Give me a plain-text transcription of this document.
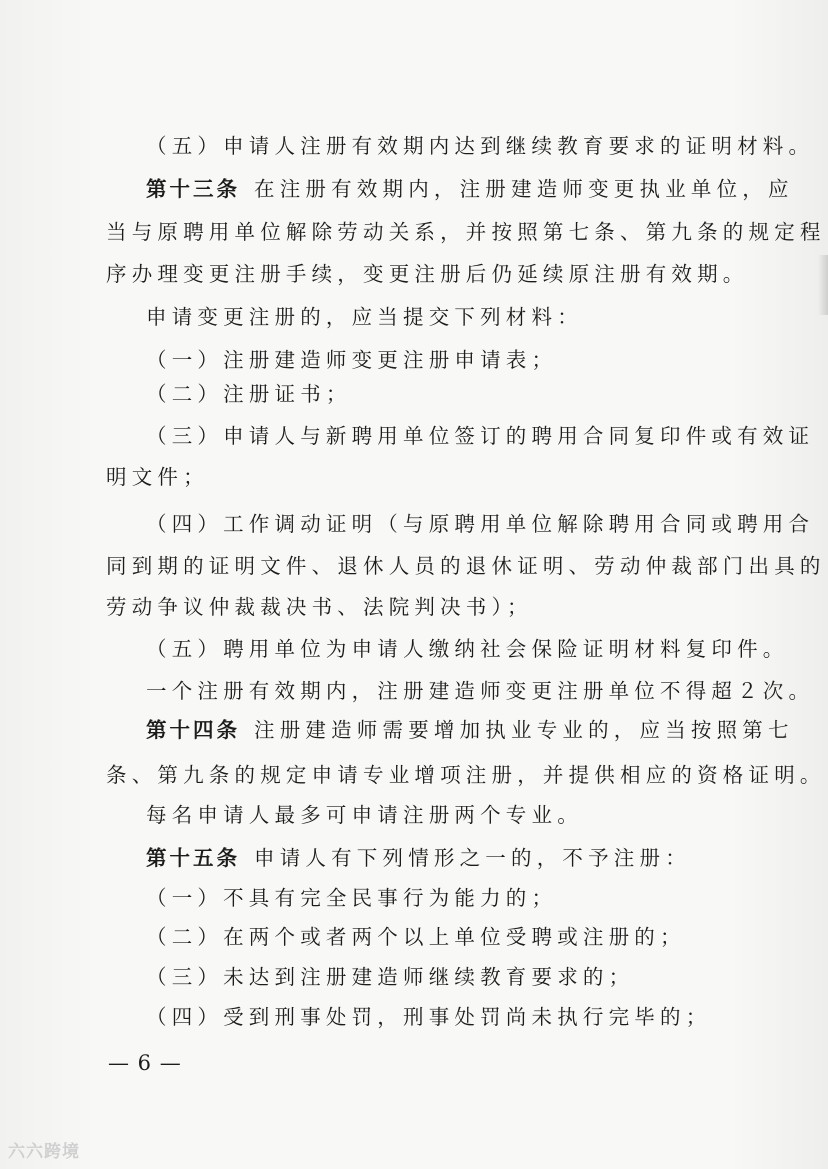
（五）申请人注册有效期内达到继续教育要求的证明材料。
第十三条 在注册有效期内，注册建造师变更执业单位，应
当与原聘用单位解除劳动关系，并按照第七条、第九条的规定程
序办理变更注册手续，变更注册后仍延续原注册有效期。
申请变更注册的，应当提交下列材料：
（一）注册建造师变更注册申请表；
（二）注册证书；
（三）申请人与新聘用单位签订的聘用合同复印件或有效证
明文件；
（四）工作调动证明（与原聘用单位解除聘用合同或聘用合
同到期的证明文件、退休人员的退休证明、劳动仲裁部门出具的
劳动争议仲裁裁决书、法院判决书）；
（五）聘用单位为申请人缴纳社会保险证明材料复印件。
一个注册有效期内，注册建造师变更注册单位不得超２次。
第十四条 注册建造师需要增加执业专业的，应当按照第七
条、第九条的规定申请专业增项注册，并提供相应的资格证明。
每名申请人最多可申请注册两个专业。
第十五条 申请人有下列情形之一的，不予注册：
（一）不具有完全民事行为能力的；
（二）在两个或者两个以上单位受聘或注册的；
（三）未达到注册建造师继续教育要求的；
（四）受到刑事处罚，刑事处罚尚未执行完毕的；
— 6 —
六六跨境
